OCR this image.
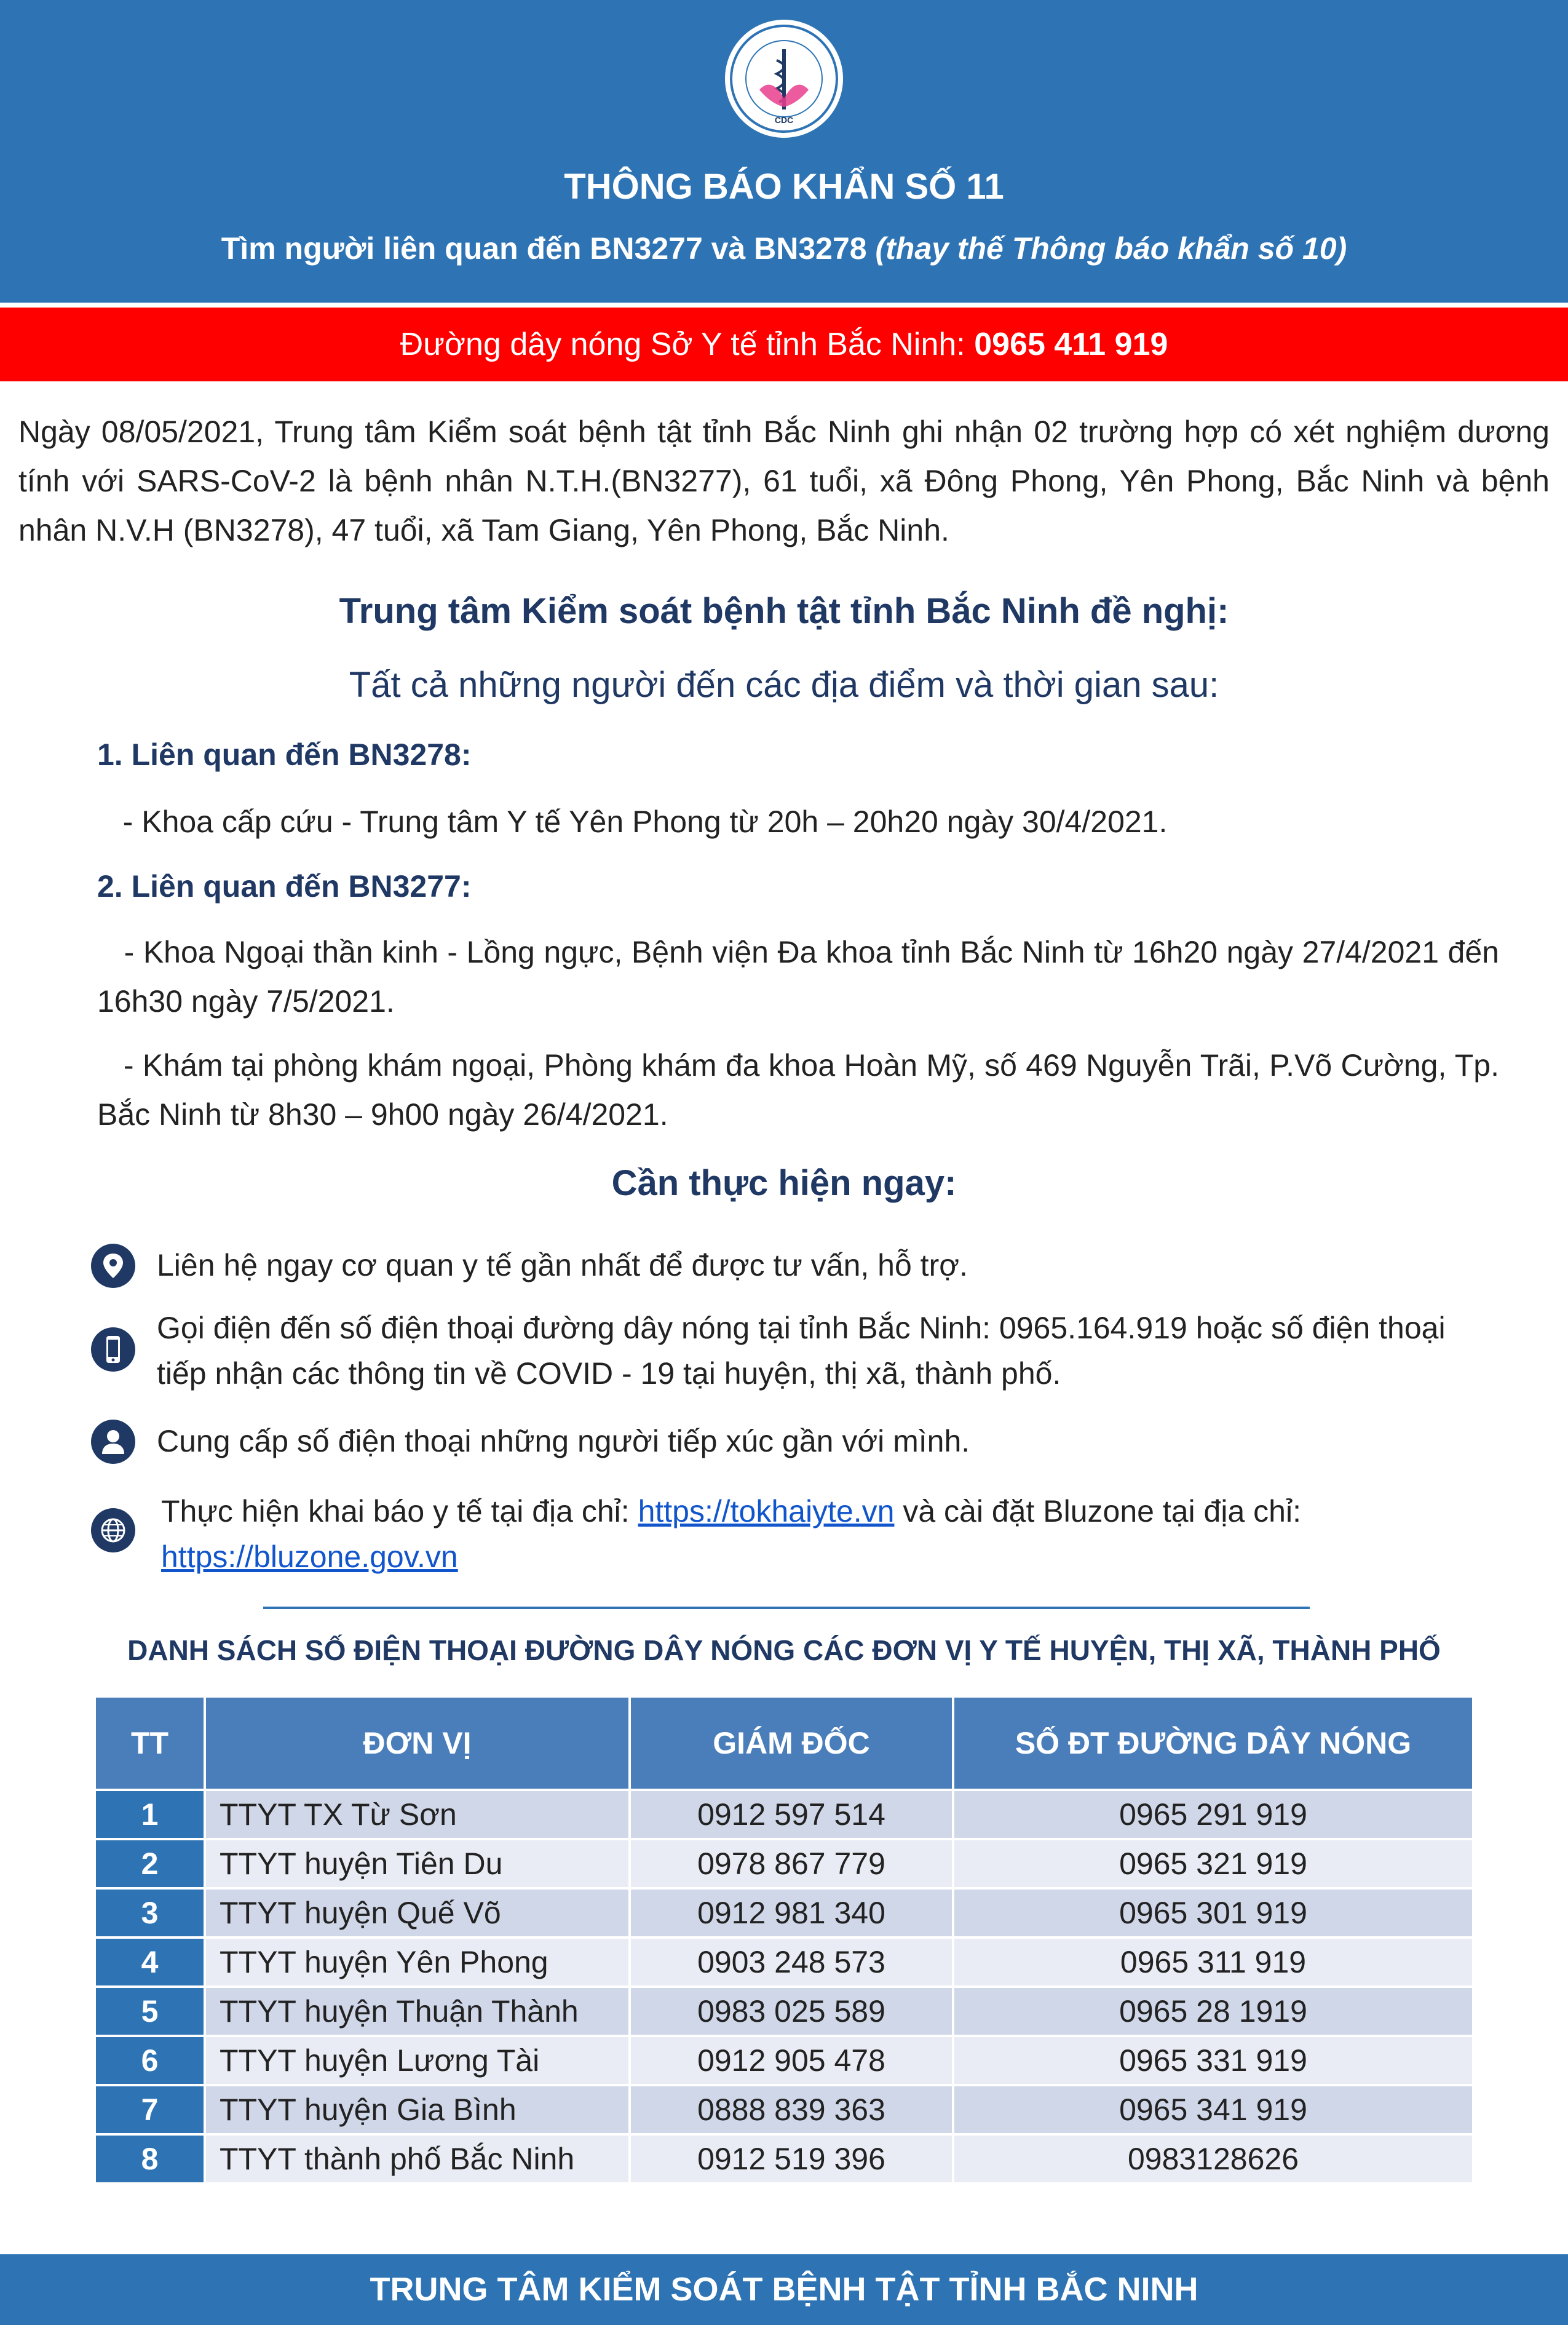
CDC
THÔNG BÁO KHẨN SỐ 11
Tìm người liên quan đến BN3277 và BN3278 (thay thế Thông báo khẩn số 10)
Đường dây nóng Sở Y tế tỉnh Bắc Ninh: 0965 411 919
Ngày 08/05/2021, Trung tâm Kiểm soát bệnh tật tỉnh Bắc Ninh ghi nhận 02 trường hợp có xét nghiệm dương tính với SARS-CoV-2 là bệnh nhân N.T.H.(BN3277), 61 tuổi, xã Đông Phong, Yên Phong, Bắc Ninh và bệnh nhân N.V.H (BN3278), 47 tuổi, xã Tam Giang, Yên Phong, Bắc Ninh.
Trung tâm Kiểm soát bệnh tật tỉnh Bắc Ninh đề nghị:
Tất cả những người đến các địa điểm và thời gian sau:
1. Liên quan đến BN3278:
- Khoa cấp cứu - Trung tâm Y tế Yên Phong từ 20h – 20h20 ngày 30/4/2021.
2. Liên quan đến BN3277:
- Khoa Ngoại thần kinh - Lồng ngực, Bệnh viện Đa khoa tỉnh Bắc Ninh từ 16h20 ngày 27/4/2021 đến 16h30 ngày 7/5/2021.
- Khám tại phòng khám ngoại, Phòng khám đa khoa Hoàn Mỹ, số 469 Nguyễn Trãi, P.Võ Cường, Tp. Bắc Ninh từ 8h30 – 9h00 ngày 26/4/2021.
Cần thực hiện ngay:
Liên hệ ngay cơ quan y tế gần nhất để được tư vấn, hỗ trợ.
Gọi điện đến số điện thoại đường dây nóng tại tỉnh Bắc Ninh: 0965.164.919 hoặc số điện thoại tiếp nhận các thông tin về COVID - 19 tại huyện, thị xã, thành phố.
Cung cấp số điện thoại những người tiếp xúc gần với mình.
Thực hiện khai báo y tế tại địa chỉ: https://tokhaiyte.vn và cài đặt Bluzone tại địa chỉ: https://bluzone.gov.vn
DANH SÁCH SỐ ĐIỆN THOẠI ĐƯỜNG DÂY NÓNG CÁC ĐƠN VỊ Y TẾ HUYỆN, THỊ XÃ, THÀNH PHỐ
TT	ĐƠN VỊ	GIÁM ĐỐC	SỐ ĐT ĐƯỜNG DÂY NÓNG
1	TTYT TX Từ Sơn	0912 597 514	0965 291 919
2	TTYT huyện Tiên Du	0978 867 779	0965 321 919
3	TTYT huyện Quế Võ	0912 981 340	0965 301 919
4	TTYT huyện Yên Phong	0903 248 573	0965 311 919
5	TTYT huyện Thuận Thành	0983 025 589	0965 28 1919
6	TTYT huyện Lương Tài	0912 905 478	0965 331 919
7	TTYT huyện Gia Bình	0888 839 363	0965 341 919
8	TTYT thành phố Bắc Ninh	0912 519 396	0983128626
TRUNG TÂM KIỂM SOÁT BỆNH TẬT TỈNH BẮC NINH
